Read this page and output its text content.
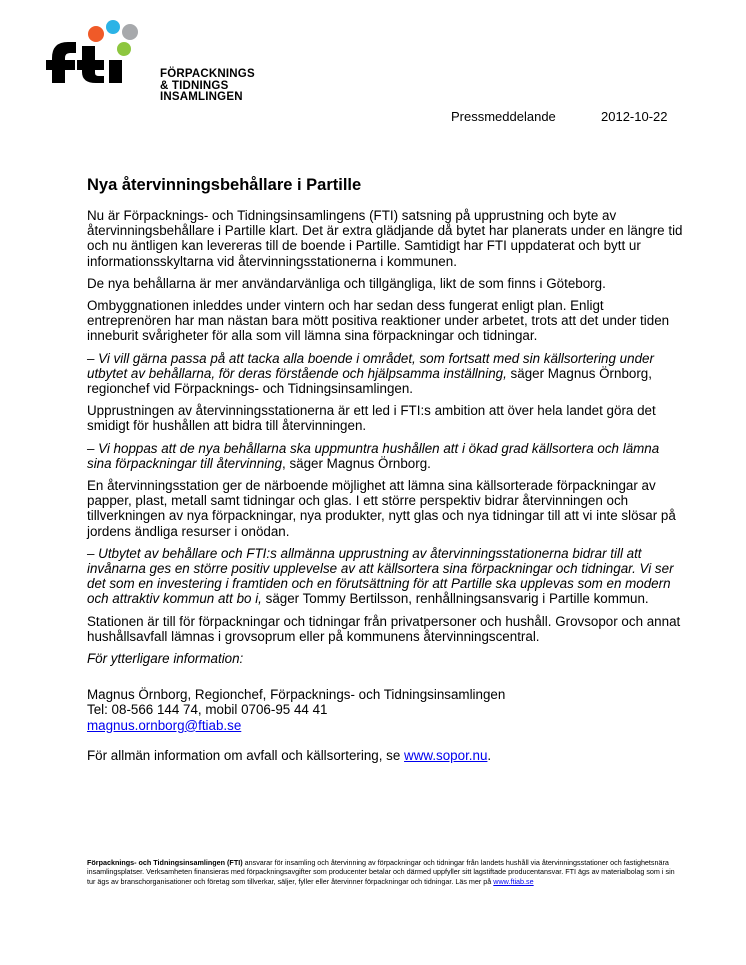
FÖRPACKNINGS
& TIDNINGS
INSAMLINGEN
Pressmeddelande	2012-10-22
Nya återvinningsbehållare i Partille

Nu är Förpacknings- och Tidningsinsamlingens (FTI) satsning på upprustning och byte av återvinningsbehållare i Partille klart. Det är extra glädjande då bytet har planerats under en längre tid och nu äntligen kan levereras till de boende i Partille. Samtidigt har FTI uppdaterat och bytt ur informationsskyltarna vid återvinningsstationerna i kommunen.

De nya behållarna är mer användarvänliga och tillgängliga, likt de som finns i Göteborg.

Ombyggnationen inleddes under vintern och har sedan dess fungerat enligt plan. Enligt entreprenören har man nästan bara mött positiva reaktioner under arbetet, trots att det under tiden inneburit svårigheter för alla som vill lämna sina förpackningar och tidningar.

– Vi vill gärna passa på att tacka alla boende i området, som fortsatt med sin källsortering under utbytet av behållarna, för deras förstående och hjälpsamma inställning, säger Magnus Örnborg, regionchef vid Förpacknings- och Tidningsinsamlingen.

Upprustningen av återvinningsstationerna är ett led i FTI:s ambition att över hela landet göra det smidigt för hushållen att bidra till återvinningen.

– Vi hoppas att de nya behållarna ska uppmuntra hushållen att i ökad grad källsortera och lämna sina förpackningar till återvinning, säger Magnus Örnborg.

En återvinningsstation ger de närboende möjlighet att lämna sina källsorterade förpackningar av papper, plast, metall samt tidningar och glas. I ett större perspektiv bidrar återvinningen och tillverkningen av nya förpackningar, nya produkter, nytt glas och nya tidningar till att vi inte slösar på jordens ändliga resurser i onödan.

– Utbytet av behållare och FTI:s allmänna upprustning av återvinningsstationerna bidrar till att invånarna ges en större positiv upplevelse av att källsortera sina förpackningar och tidningar. Vi ser det som en investering i framtiden och en förutsättning för att Partille ska upplevas som en modern och attraktiv kommun att bo i, säger Tommy Bertilsson, renhållningsansvarig i Partille kommun.

Stationen är till för förpackningar och tidningar från privatpersoner och hushåll. Grovsopor och annat hushållsavfall lämnas i grovsoprum eller på kommunens återvinningscentral.

För ytterligare information:

Magnus Örnborg, Regionchef, Förpacknings- och Tidningsinsamlingen
Tel: 08-566 144 74, mobil 0706-95 44 41
magnus.ornborg@ftiab.se

För allmän information om avfall och källsortering, se www.sopor.nu.

Förpacknings- och Tidningsinsamlingen (FTI) ansvarar för insamling och återvinning av förpackningar och tidningar från landets hushåll via återvinningsstationer och fastighetsnära insamlingsplatser. Verksamheten finansieras med förpackningsavgifter som producenter betalar och därmed uppfyller sitt lagstiftade producentansvar. FTI ägs av materialbolag som i sin tur ägs av branschorganisationer och företag som tillverkar, säljer, fyller eller återvinner förpackningar och tidningar. Läs mer på www.ftiab.se
